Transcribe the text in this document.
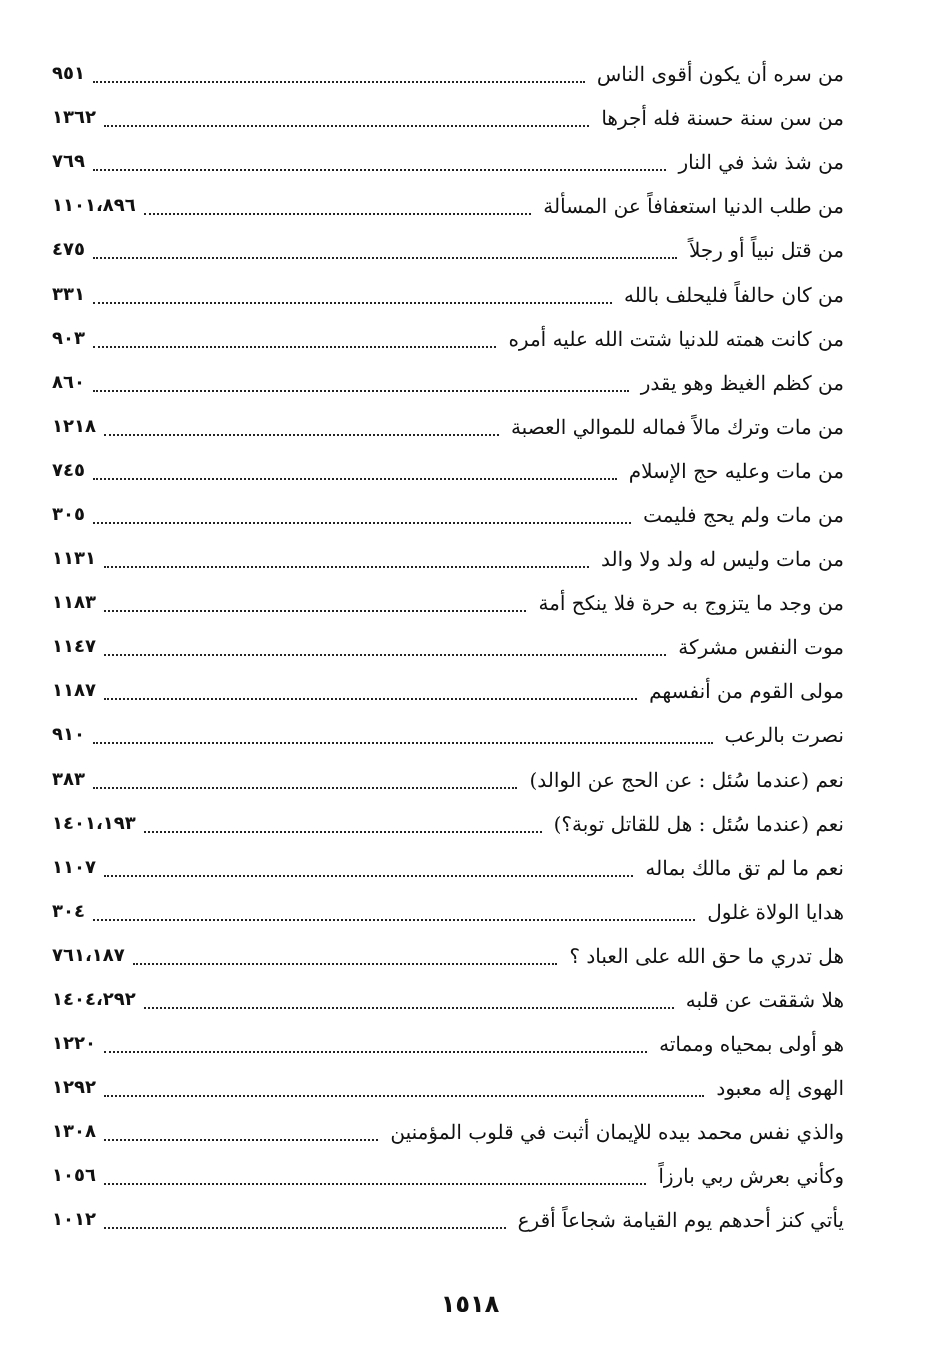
من سره أن يكون أقوى الناس
٩٥١
من سن سنة حسنة فله أجرها
١٣٦٢
من شذ شذ في النار
٧٦٩
من طلب الدنيا استعفافاً عن المسألة
١١٠١،٨٩٦
من قتل نبياً أو رجلاً
٤٧٥
من كان حالفاً فليحلف بالله
٣٣١
من كانت همته للدنيا شتت الله عليه أمره
٩٠٣
من كظم الغيظ وهو يقدر
٨٦٠
من مات وترك مالاً فماله للموالي العصبة
١٢١٨
من مات وعليه حج الإسلام
٧٤٥
من مات ولم يحج فليمت
٣٠٥
من مات وليس له ولد ولا والد
١١٣١
من وجد ما يتزوج به حرة فلا ينكح أمة
١١٨٣
موت النفس مشركة
١١٤٧
مولى القوم من أنفسهم
١١٨٧
نصرت بالرعب
٩١٠
نعم (عندما سُئل : عن الحج عن الوالد)
٣٨٣
نعم (عندما سُئل : هل للقاتل توبة؟)
١٤٠١،١٩٣
نعم ما لم تق مالك بماله
١١٠٧
هدايا الولاة غلول
٣٠٤
هل تدري ما حق الله على العباد ؟
٧٦١،١٨٧
هلا شققت عن قلبه
١٤٠٤،٢٩٢
هو أولى بمحياه ومماته
١٢٢٠
الهوى إله معبود
١٢٩٢
والذي نفس محمد بيده للإيمان أثبت في قلوب المؤمنين
١٣٠٨
وكأني بعرش ربي بارزاً
١٠٥٦
يأتي كنز أحدهم يوم القيامة شجاعاً أقرع
١٠١٢
١٥١٨
